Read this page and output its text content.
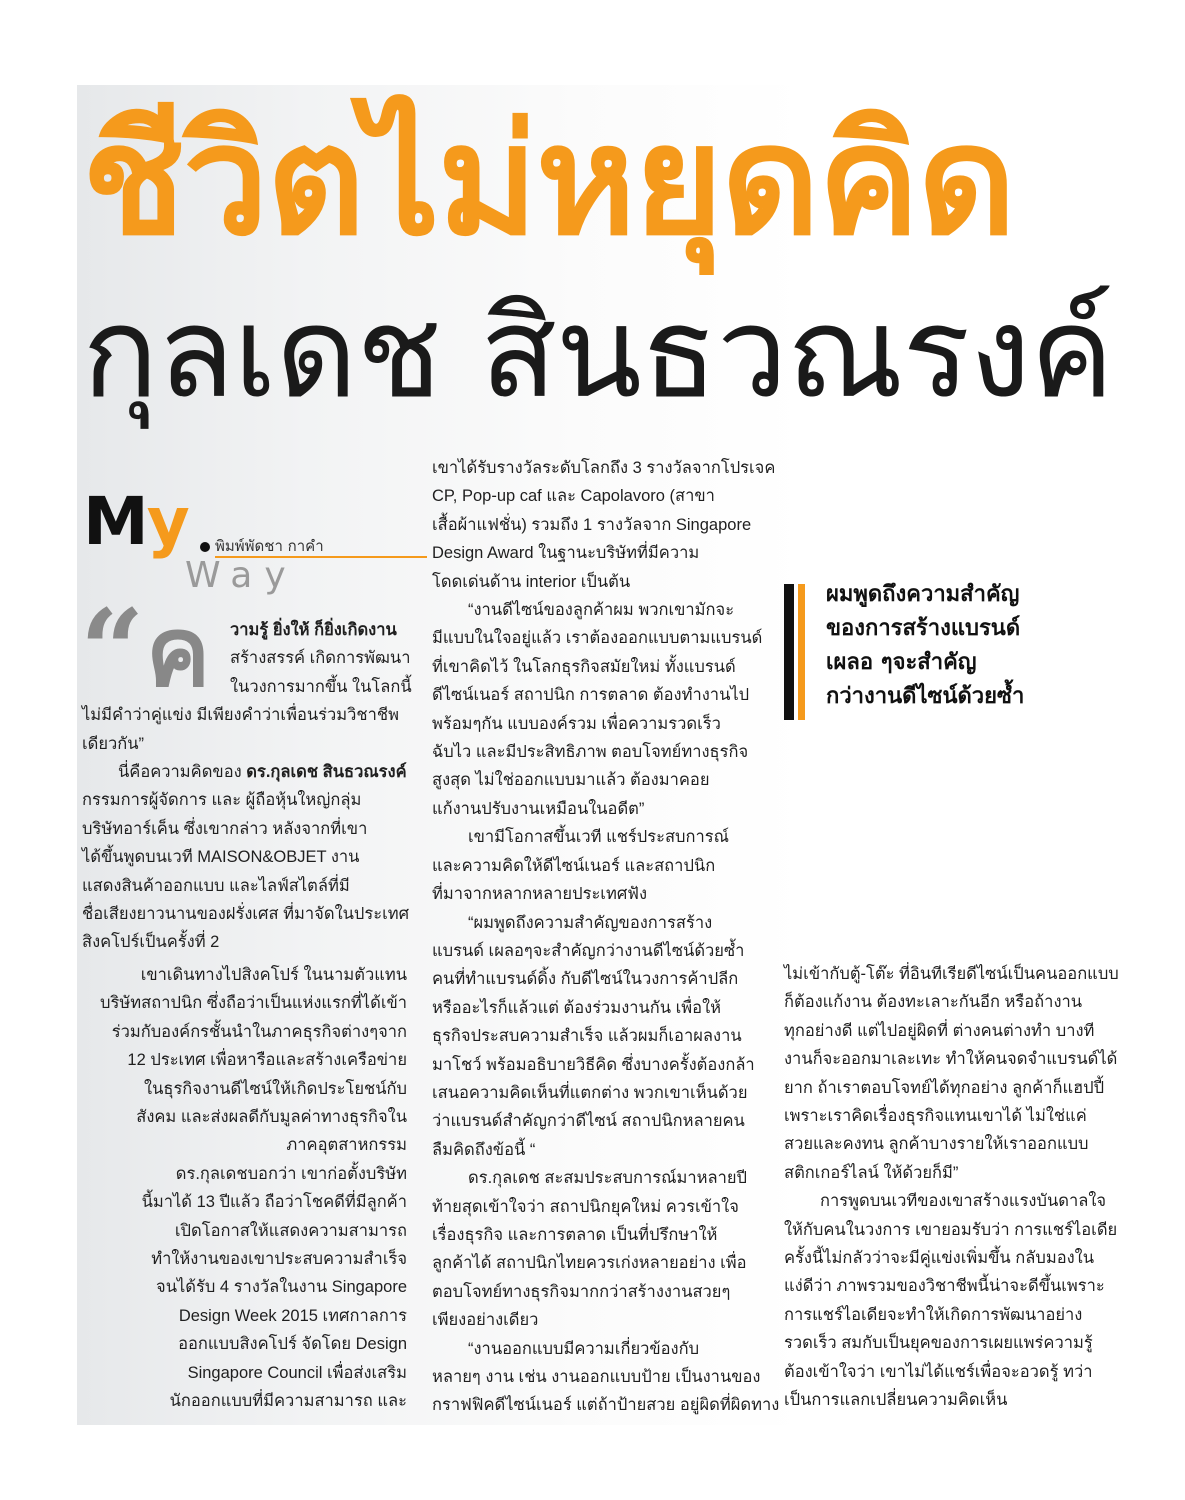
ชีวิตไม่หยุดคิด
กุลเดช สินธวณรงค์
My พิมพ์พัดชา กาคำ
Way
“ ค

ผมพูดถึงความสำคัญ

ของการสร้างแบรนด์

เผลอ ๆจะสำคัญ

กว่างานดีไซน์ด้วยซ้ำ

วามรู้ ยิ่งให้ ก็ยิ่งเกิดงาน

สร้างสรรค์ เกิดการพัฒนา

ในวงการมากขึ้น ในโลกนี้

ไม่มีคำว่าคู่แข่ง มีเพียงคำว่าเพื่อนร่วมวิชาชีพ

เดียวกัน”

นี่คือความคิดของ ดร.กุลเดช สินธวณรงค์

กรรมการผู้จัดการ และ ผู้ถือหุ้นใหญ่กลุ่ม

บริษัทอาร์เค็น ซึ่งเขากล่าว หลังจากที่เขา

ได้ขึ้นพูดบนเวที MAISON&OBJET งาน

แสดงสินค้าออกแบบ และไลฟ์สไตล์ที่มี

ชื่อเสียงยาวนานของฝรั่งเศส ที่มาจัดในประเทศ

สิงคโปร์เป็นครั้งที่ 2

เขาเดินทางไปสิงคโปร์ ในนามตัวแทน

บริษัทสถาปนิก ซึ่งถือว่าเป็นแห่งแรกที่ได้เข้า

ร่วมกับองค์กรชั้นนำในภาคธุรกิจต่างๆจาก

12 ประเทศ เพื่อหารือและสร้างเครือข่าย

ในธุรกิจงานดีไซน์ให้เกิดประโยชน์กับ

สังคม และส่งผลดีกับมูลค่าทางธุรกิจใน

ภาคอุตสาหกรรม

ดร.กุลเดชบอกว่า เขาก่อตั้งบริษัท

นี้มาได้ 13 ปีแล้ว ถือว่าโชคดีที่มีลูกค้า

เปิดโอกาสให้แสดงความสามารถ

ทำให้งานของเขาประสบความสำเร็จ

จนได้รับ 4 รางวัลในงาน Singapore

Design Week 2015 เทศกาลการ

ออกแบบสิงคโปร์ จัดโดย Design

Singapore Council เพื่อส่งเสริม

นักออกแบบที่มีความสามารถ และ

เขาได้รับรางวัลระดับโลกถึง 3 รางวัลจากโปรเจค

CP, Pop-up caf และ Capolavoro (สาขา

เสื้อผ้าแฟชั่น) รวมถึง 1 รางวัลจาก Singapore

Design Award ในฐานะบริษัทที่มีความ

โดดเด่นด้าน interior เป็นต้น

“งานดีไซน์ของลูกค้าผม พวกเขามักจะ

มีแบบในใจอยู่แล้ว เราต้องออกแบบตามแบรนด์

ที่เขาคิดไว้ ในโลกธุรกิจสมัยใหม่ ทั้งแบรนด์

ดีไซน์เนอร์ สถาปนิก การตลาด ต้องทำงานไป

พร้อมๆกัน แบบองค์รวม เพื่อความรวดเร็ว

ฉับไว และมีประสิทธิภาพ ตอบโจทย์ทางธุรกิจ

สูงสุด ไม่ใช่ออกแบบมาแล้ว ต้องมาคอย

แก้งานปรับงานเหมือนในอดีต”

เขามีโอกาสขึ้นเวที แชร์ประสบการณ์

และความคิดให้ดีไซน์เนอร์ และสถาปนิก

ที่มาจากหลากหลายประเทศฟัง

“ผมพูดถึงความสำคัญของการสร้าง

แบรนด์ เผลอๆจะสำคัญกว่างานดีไซน์ด้วยซ้ำ

คนที่ทำแบรนด์ดิ้ง กับดีไซน์ในวงการค้าปลีก

หรืออะไรก็แล้วแต่ ต้องร่วมงานกัน เพื่อให้

ธุรกิจประสบความสำเร็จ แล้วผมก็เอาผลงาน

มาโชว์ พร้อมอธิบายวิธีคิด ซึ่งบางครั้งต้องกล้า

เสนอความคิดเห็นที่แตกต่าง พวกเขาเห็นด้วย

ว่าแบรนด์สำคัญกว่าดีไซน์ สถาปนิกหลายคน

ลืมคิดถึงข้อนี้ “

ดร.กุลเดช สะสมประสบการณ์มาหลายปี

ท้ายสุดเข้าใจว่า สถาปนิกยุคใหม่ ควรเข้าใจ

เรื่องธุรกิจ และการตลาด เป็นที่ปรึกษาให้

ลูกค้าได้ สถาปนิกไทยควรเก่งหลายอย่าง เพื่อ

ตอบโจทย์ทางธุรกิจมากกว่าสร้างงานสวยๆ

เพียงอย่างเดียว

“งานออกแบบมีความเกี่ยวข้องกับ

หลายๆ งาน เช่น งานออกแบบป้าย เป็นงานของ

กราฟฟิคดีไซน์เนอร์ แต่ถ้าป้ายสวย อยู่ผิดที่ผิดทาง

ไม่เข้ากับตู้-โต๊ะ ที่อินทีเรียดีไซน์เป็นคนออกแบบ

ก็ต้องแก้งาน ต้องทะเลาะกันอีก หรือถ้างาน

ทุกอย่างดี แต่ไปอยู่ผิดที่ ต่างคนต่างทำ บางที

งานก็จะออกมาเละเทะ ทำให้คนจดจำแบรนด์ได้

ยาก ถ้าเราตอบโจทย์ได้ทุกอย่าง ลูกค้าก็แฮปปี้

เพราะเราคิดเรื่องธุรกิจแทนเขาได้ ไม่ใช่แค่

สวยและคงทน ลูกค้าบางรายให้เราออกแบบ

สติกเกอร์ไลน์ ให้ด้วยก็มี”

การพูดบนเวทีของเขาสร้างแรงบันดาลใจ

ให้กับคนในวงการ เขายอมรับว่า การแชร์ไอเดีย

ครั้งนี้ไม่กลัวว่าจะมีคู่แข่งเพิ่มขึ้น กลับมองใน

แง่ดีว่า ภาพรวมของวิชาชีพนี้น่าจะดีขึ้นเพราะ

การแชร์ไอเดียจะทำให้เกิดการพัฒนาอย่าง

รวดเร็ว สมกับเป็นยุคของการเผยแพร่ความรู้

ต้องเข้าใจว่า เขาไม่ได้แชร์เพื่อจะอวดรู้ ทว่า

เป็นการแลกเปลี่ยนความคิดเห็น
